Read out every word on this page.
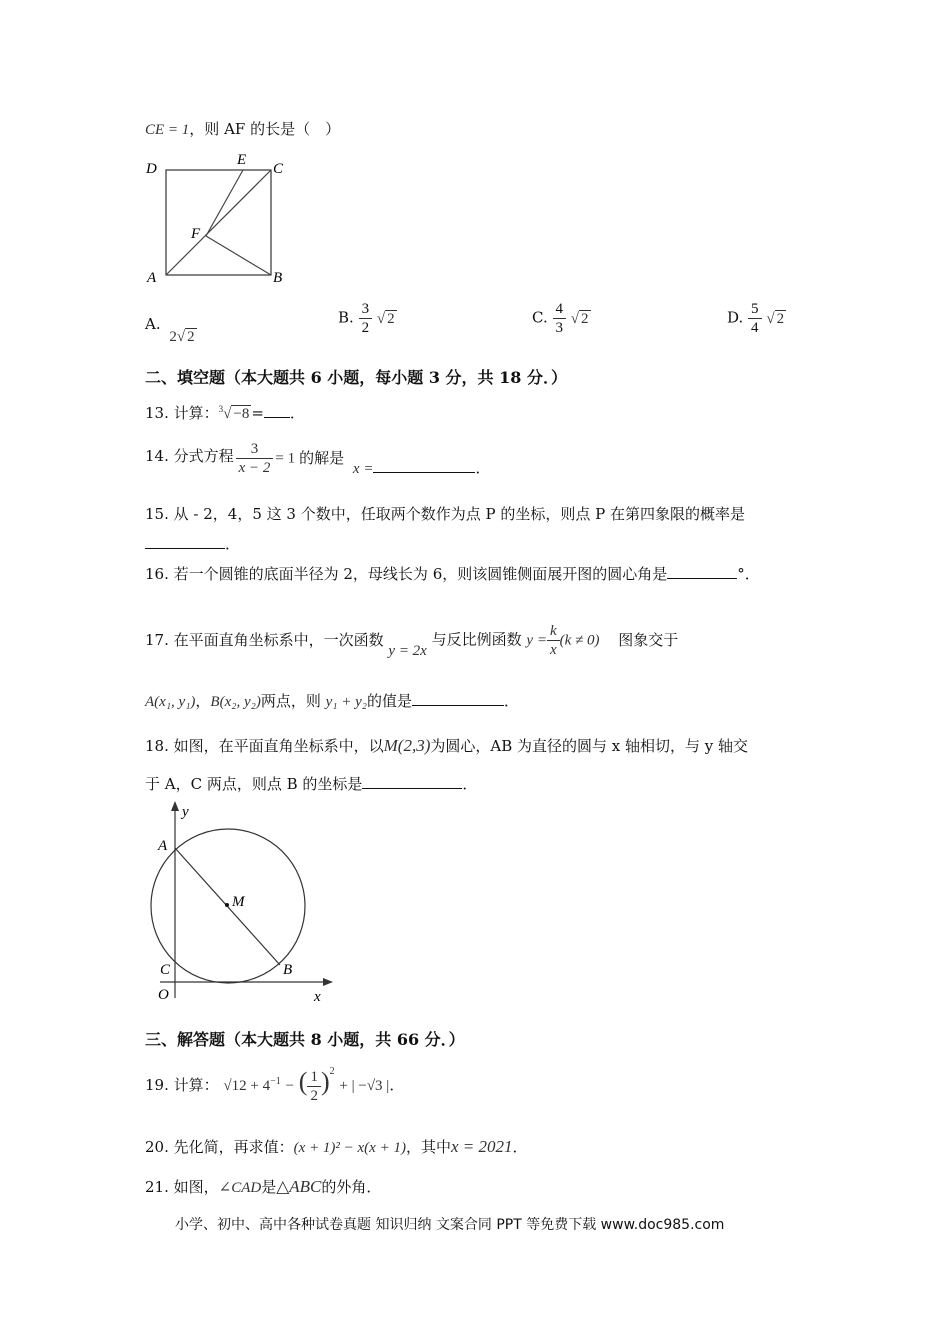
CE = 1，则 AF 的长是（　）
D
E
C
F
A	B
A. 2√ 2
B. $\frac{3}{2}$ √ 2	C. $\frac{4}{3}$ √ 2	D. $\frac{5}{4}$ √ 2
二、填空题（本大题共 6 小题，每小题 3 分，共 18 分．）
13. 计算：$^3$√ −8 = ．
14. 分式方程 $\frac{3}{x - 2} = 1$ 的解是 x =	．
15. 从 - 2，4，5 这 3 个数中，任取两个数作为点 P 的坐标，则点 P 在第四象限的概率是
．
16. 若一个圆锥的底面半径为 2，母线长为 6，则该圆锥侧面展开图的圆心角是	°．
17. 在平面直角坐标系中，一次函数 y = 2x 与反比例函数 $y = \frac{k}{x} (k \ne 0)$ 图象交于
A(x₁, y₁)，B(x₂, y₂)两点，则 y₁ + y₂的值是	．
18. 如图，在平面直角坐标系中，以M(2,3)为圆心，AB 为直径的圆与 x 轴相切，与 y 轴交
于 A，C 两点，则点 B 的坐标是	．
y
A
M
C	B
O	x
三、解答题（本大题共 8 小题，共 66 分．）
19. 计算： $√12 + 4^{-1}$ − ( $\frac{1}{2} )^2$ + | −√3 |．
20. 先化简，再求值：(x + 1)² − x(x + 1)，其中x = 2021．
21. 如图，∠CAD是△ABC的外角．
小学、初中、高中各种试卷真题 知识归纳 文案合同 PPT 等免费下载 www.doc985.com
